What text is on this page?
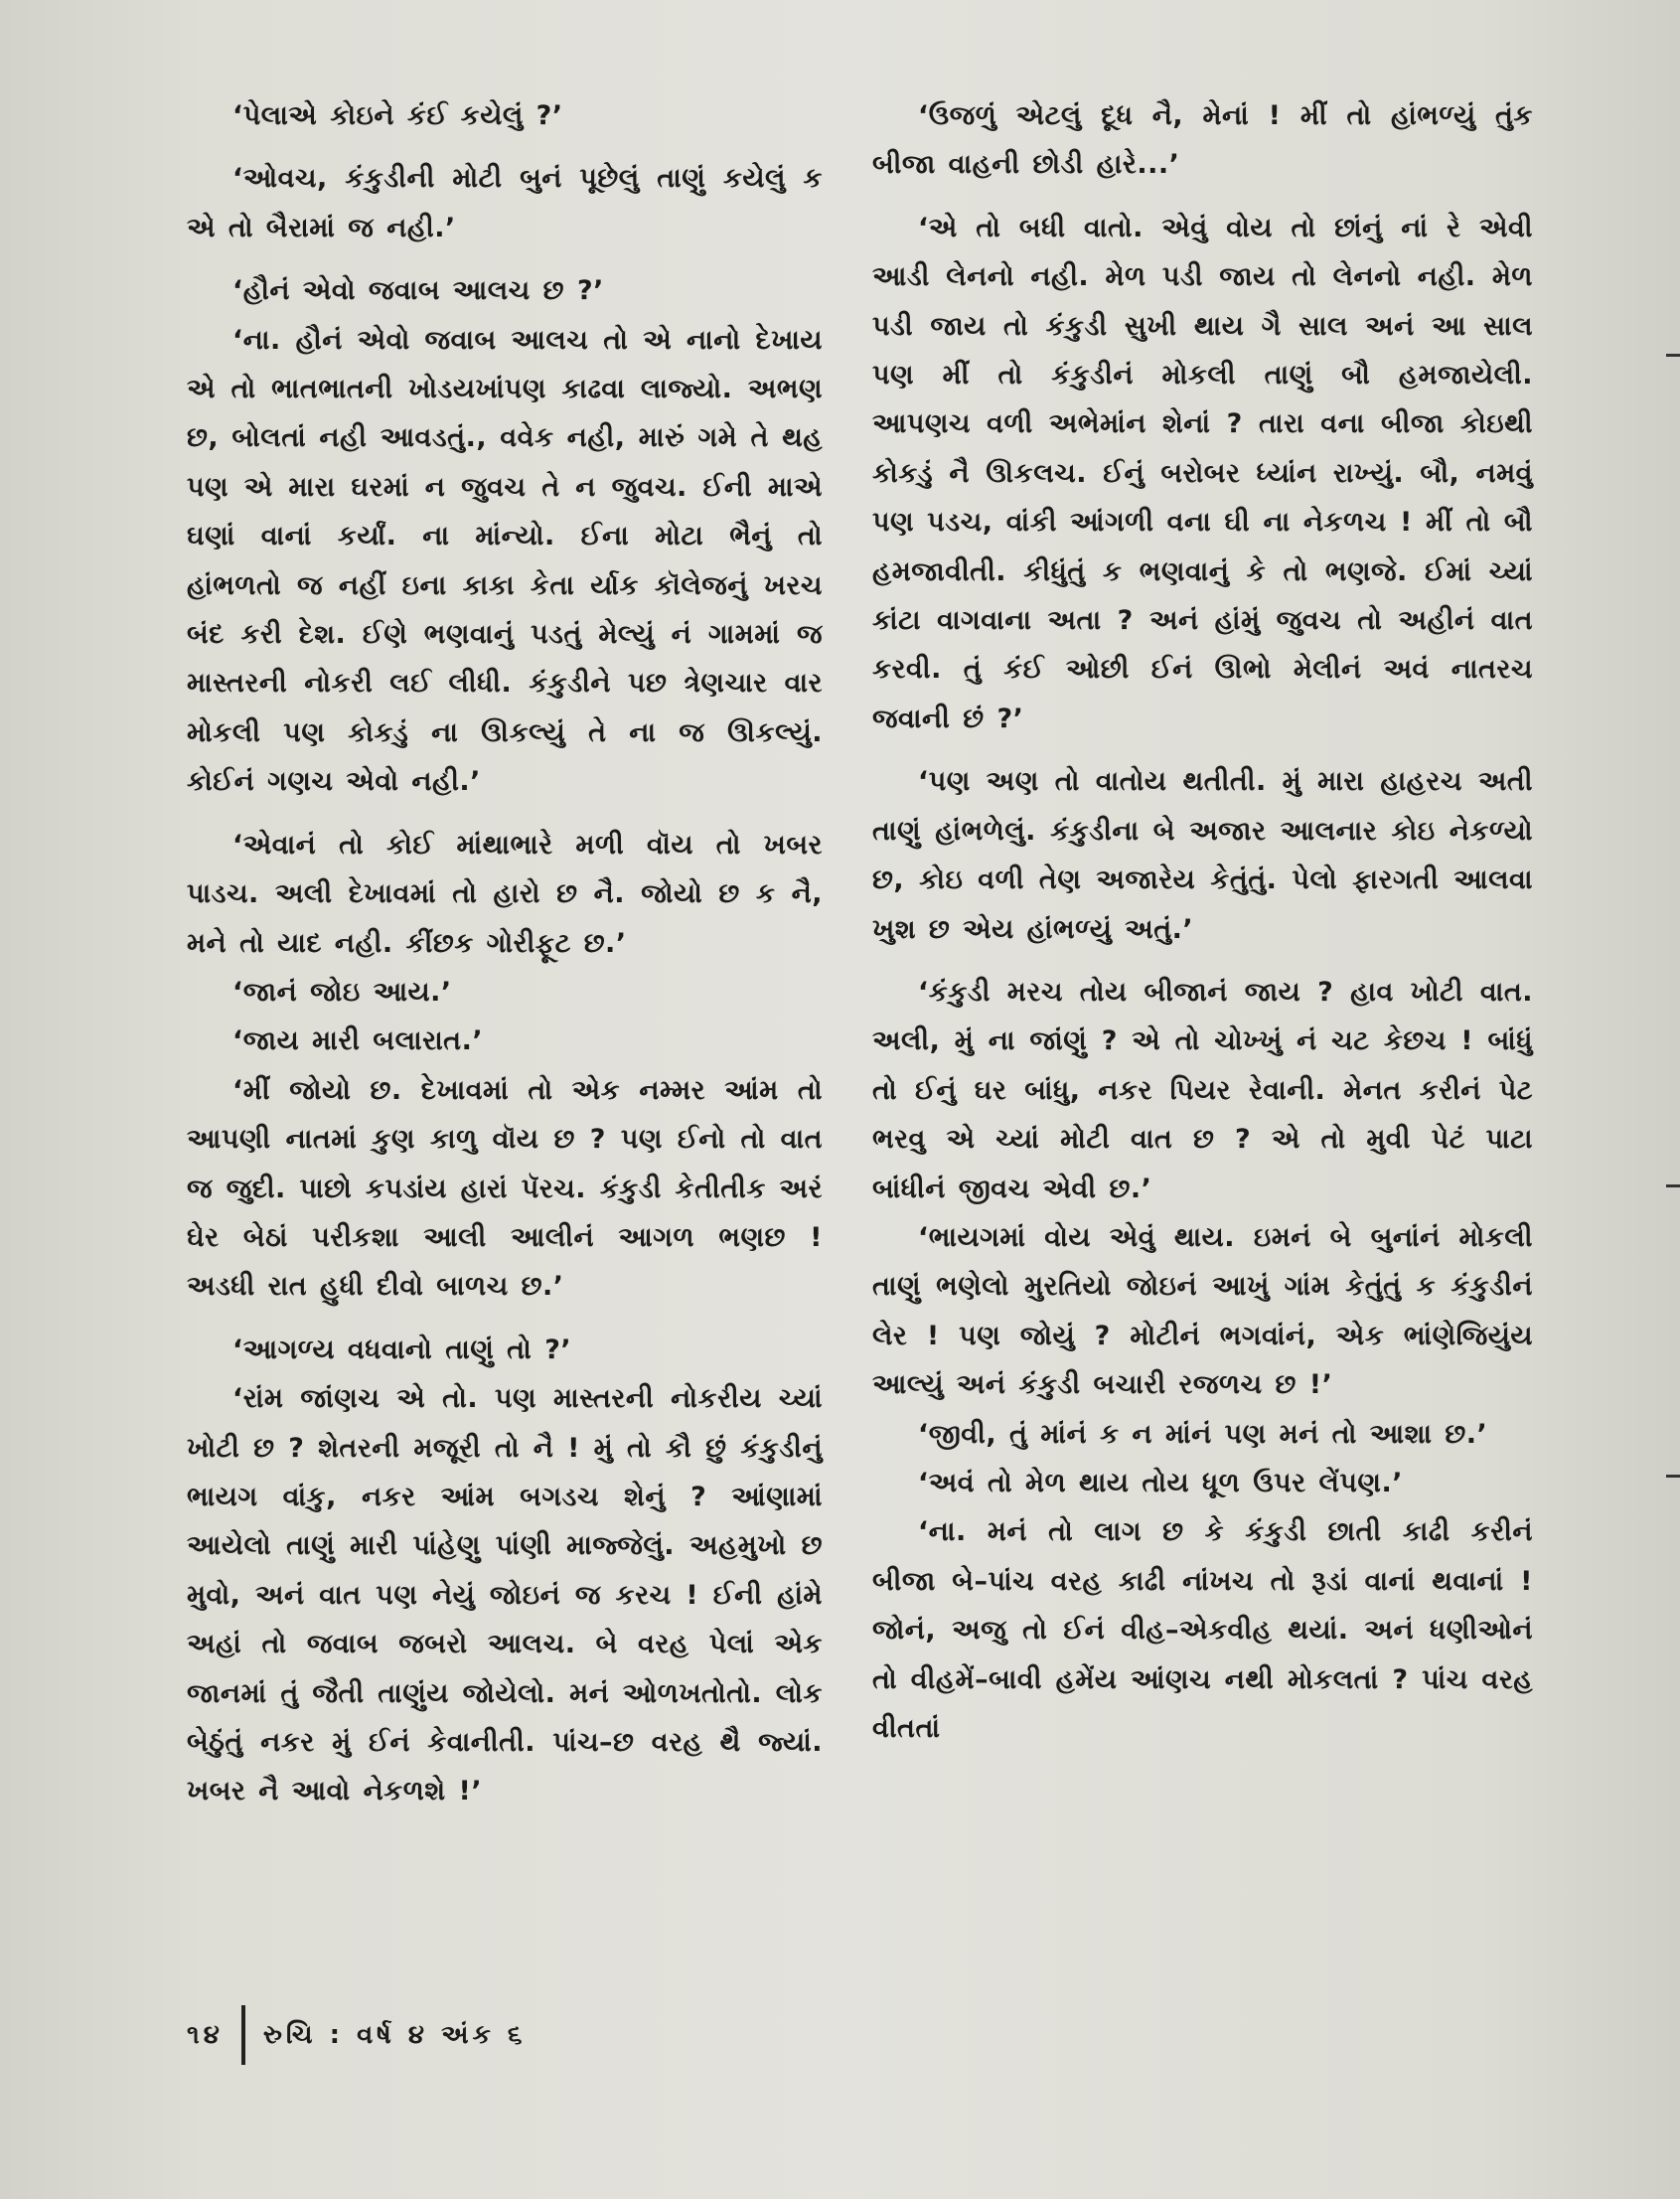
‘પેલાએ કોઇને કંઈ કયેલું ?’

‘ઓવચ, કંકુડીની મોટી બુનં પૂછેલું તાણું કયેલું ક એ તો બૈરામાં જ નહી.’

‘હૌનં એવો જવાબ આલચ છ ?’

‘ના. હૌનં એવો જવાબ આલચ તો એ નાનો દેખાય એ તો ભાતભાતની ખોડયખાંપણ કાઢવા લાજ્યો. અભણ છ, બોલતાં નહી આવડતું., વવેક નહી, મારું ગમે તે થહ પણ એ મારા ઘરમાં ન જુવચ તે ન જુવચ. ઈની માએ ઘણાં વાનાં કર્યાં. ના માંન્યો. ઈના મોટા ભૈનું તો હાંભળતો જ નહીં ઇના કાકા કેતા ર્યાક કૉલેજનું ખરચ બંદ કરી દેશ. ઈણે ભણવાનું પડતું મેલ્યું નં ગામમાં જ માસ્તરની નોકરી લઈ લીધી. કંકુડીને પછ ત્રેણચાર વાર મોકલી પણ કોકડું ના ઊકલ્યું તે ના જ ઊકલ્યું. કોઈનં ગણચ એવો નહી.’

‘એવાનં તો કોઈ માંથાભારે મળી વૉય તો ખબર પાડચ. અલી દેખાવમાં તો હારો છ નૈ. જોયો છ ક નૈ, મને તો યાદ નહી. કીંછક ગોરીફૂટ છ.’

‘જાનં જોઇ આય.’

‘જાય મારી બલારાત.’

‘મીં જોયો છ. દેખાવમાં તો એક નમ્મર આંમ તો આપણી નાતમાં કુણ કાળુ વૉય છ ? પણ ઈનો તો વાત જ જુદી. પાછો કપડાંય હારાં પૅરચ. કંકુડી કેતીતીક અરં ઘેર બેઠાં પરીકશા આલી આલીનં આગળ ભણછ ! અડધી રાત હુધી દીવો બાળચ છ.’

‘આગળ્ય વધવાનો તાણું તો ?’

‘રાંમ જાંણચ એ તો. પણ માસ્તરની નોકરીય ચ્યાં ખોટી છ ? શેતરની મજૂરી તો નૈ ! મું તો કૌ છું કંકુડીનું ભાયગ વાંકુ, નકર આંમ બગડચ શેનું ? આંણામાં આયેલો તાણું મારી પાંહેણુ પાંણી માજ્જેલું. અહમુખો છ મુવો, અનં વાત પણ નેયું જોઇનં જ કરચ ! ઈની હાંમે અહાં તો જવાબ જબરો આલચ. બે વરહ પેલાં એક જાનમાં તું જૈતી તાણુંય જોયેલો. મનં ઓળખતોતો. લોક બેઠુંતું નકર મું ઈનં કેવાનીતી. પાંચ–છ વરહ થૈ જ્યાં. ખબર નૈ આવો નેકળશે !’

‘ઉજળું એટલું દૂધ નૈ, મેનાં ! મીં તો હાંભળ્યું તુંક બીજા વાહની છોડી હારે...’

‘એ તો બધી વાતો. એવું વોય તો છાંનું નાં રે એવી આડી લેનનો નહી. મેળ પડી જાય તો લેનનો નહી. મેળ પડી જાય તો કંકુડી સુખી થાય ગૈ સાલ અનં આ સાલ પણ મીં તો કંકુડીનં મોકલી તાણું બૌ હમજાયેલી. આપણચ વળી અભેમાંન શેનાં ? તારા વના બીજા કોઇથી કોકડું નૈ ઊકલચ. ઈનું બરોબર ધ્યાંન રાખ્યું. બૌ, નમવું પણ પડચ, વાંકી આંગળી વના ઘી ના નેકળચ ! મીં તો બૌ હમજાવીતી. કીધુંતું ક ભણવાનું કે તો ભણજે. ઈમાં ચ્યાં કાંટા વાગવાના અતા ? અનં હાંમું જુવચ તો અહીનં વાત કરવી. તું કંઈ ઓછી ઈનં ઊભો મેલીનં અવં નાતરચ જવાની છં ?’

‘પણ અણ તો વાતોય થતીતી. મું મારા હાહરચ અતી તાણું હાંભળેલું. કંકુડીના બે અજાર આલનાર કોઇ નેકળ્યો છ, કોઇ વળી તેણ અજારેય કેતુંતું. પેલો ફારગતી આલવા ખુશ છ એય હાંભળ્યું અતું.’

‘કંકુડી મરચ તોય બીજાનં જાય ? હાવ ખોટી વાત. અલી, મું ના જાંણું ? એ તો ચોખ્ખું નં ચટ કેછચ ! બાંધું તો ઈનું ઘર બાંધુ, નકર પિયર રેવાની. મેનત કરીનં પેટ ભરવુ એ ચ્યાં મોટી વાત છ ? એ તો મુવી પેટં પાટા બાંધીનં જીવચ એવી છ.’

‘ભાયગમાં વોય એવું થાય. ઇમનં બે બુનાંનં મોકલી તાણું ભણેલો મુરતિયો જોઇનં આખું ગાંમ કેતુંતું ક કંકુડીનં લેર ! પણ જોયું ? મોટીનં ભગવાંનં, એક ભાંણેજિયુંય આલ્યું અનં કંકુડી બચારી રજળચ છ !’

‘જીવી, તું માંનં ક ન માંનં પણ મનં તો આશા છ.’

‘અવં તો મેળ થાય તોય ધૂળ ઉપર લેંપણ.’

‘ના. મનં તો લાગ છ કે કંકુડી છાતી કાઢી કરીનં બીજા બે–પાંચ વરહ કાઢી નાંખચ તો રૂડાં વાનાં થવાનાં ! જોનં, અજુ તો ઈનં વીહ–એકવીહ થયાં. અનં ધણીઓનં તો વીહમેં–બાવી હમેંય આંણચ નથી મોકલતાં ? પાંચ વરહ વીતતાં

૧૪ રુચિ : વર્ષ ૪ અંક ૬
